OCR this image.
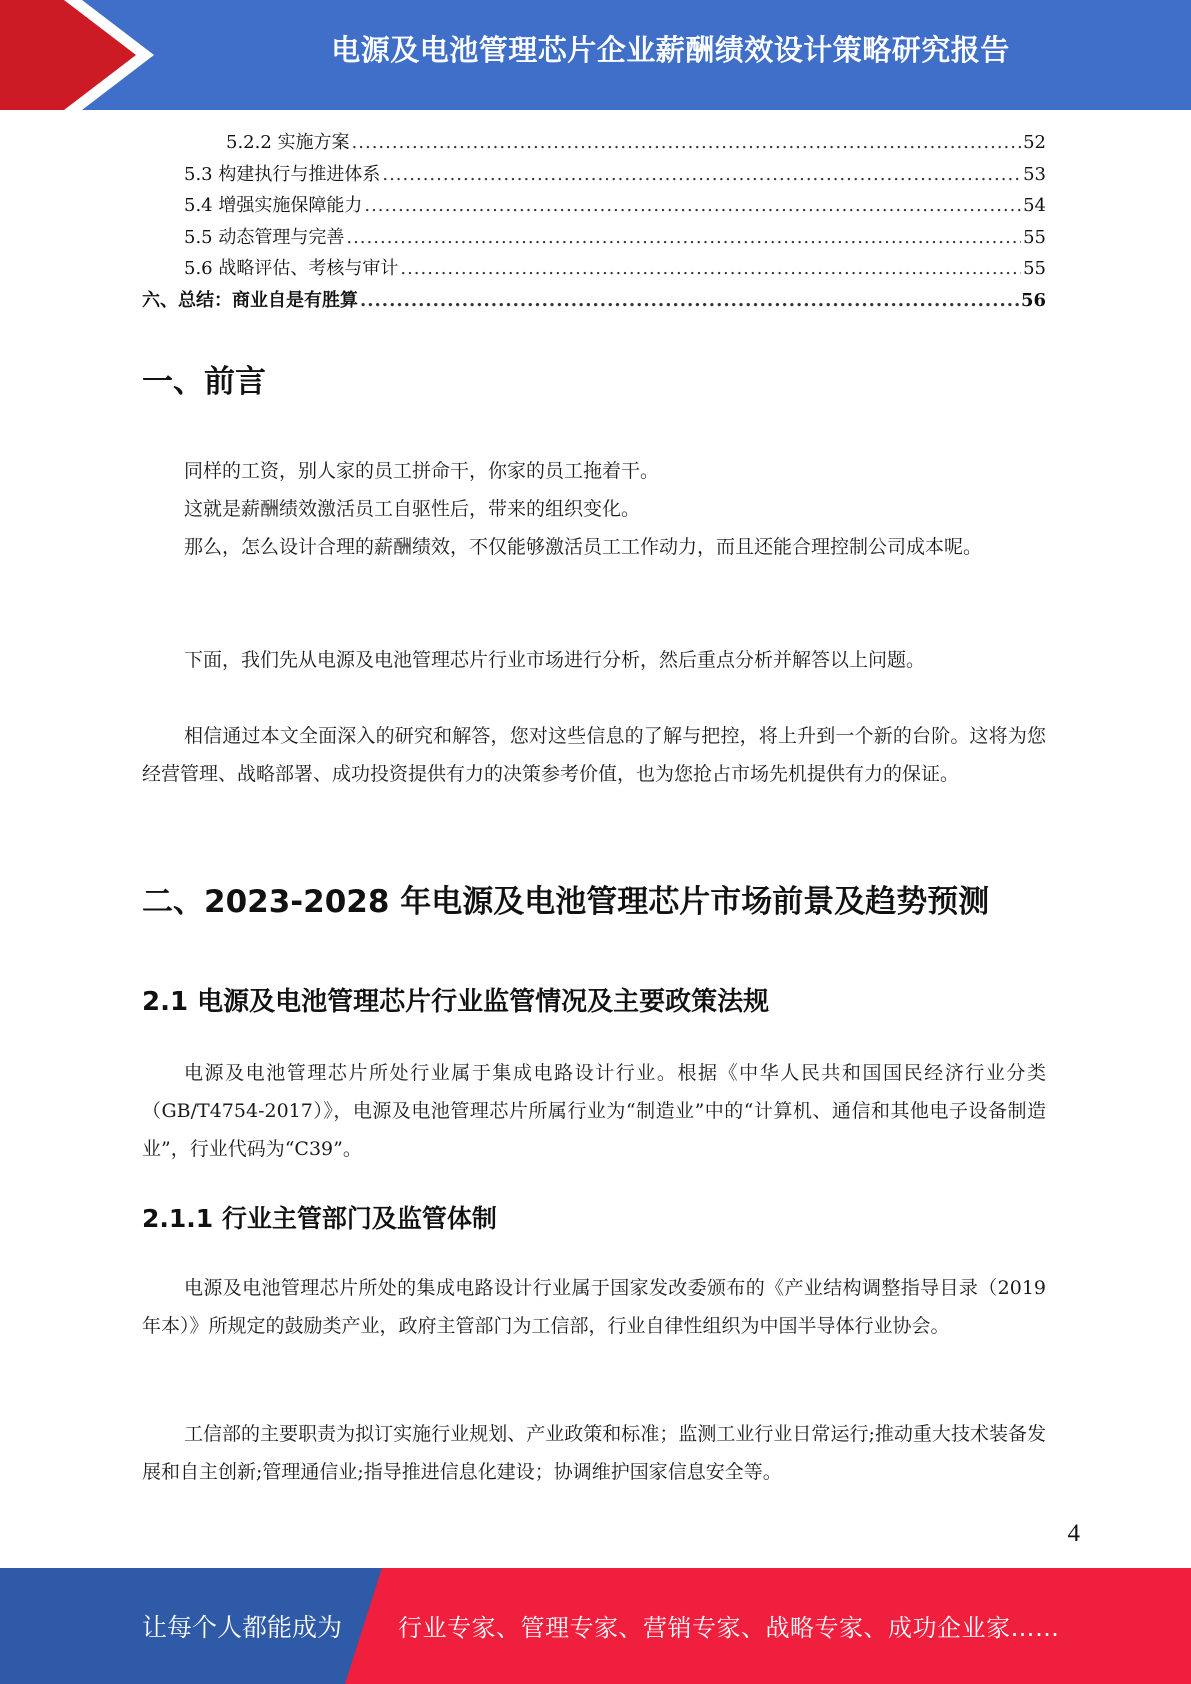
电源及电池管理芯片企业薪酬绩效设计策略研究报告
5.2.2 实施方案 .....	52
5.3 构建执行与推进体系 .....	53
5.4 增强实施保障能力 .....	54
5.5 动态管理与完善 .....	55
5.6 战略评估、考核与审计 .....	55
六、总结：商业自是有胜算 .....	56
一、前言

同样的工资，别人家的员工拼命干，你家的员工拖着干。

这就是薪酬绩效激活员工自驱性后，带来的组织变化。

那么，怎么设计合理的薪酬绩效，不仅能够激活员工工作动力，而且还能合理控制公司成本呢。

下面，我们先从电源及电池管理芯片行业市场进行分析，然后重点分析并解答以上问题。

相信通过本文全面深入的研究和解答，您对这些信息的了解与把控，将上升到一个新的台阶。这将为您经营管理、战略部署、成功投资提供有力的决策参考价值，也为您抢占市场先机提供有力的保证。

二、2023-2028 年电源及电池管理芯片市场前景及趋势预测
2.1 电源及电池管理芯片行业监管情况及主要政策法规

电源及电池管理芯片所处行业属于集成电路设计行业。根据《中华人民共和国国民经济行业分类（GB/T4754-2017）》，电源及电池管理芯片所属行业为“制造业”中的“计算机、通信和其他电子设备制造业”，行业代码为“C39”。

2.1.1 行业主管部门及监管体制

电源及电池管理芯片所处的集成电路设计行业属于国家发改委颁布的《产业结构调整指导目录（2019 年本）》所规定的鼓励类产业，政府主管部门为工信部，行业自律性组织为中国半导体行业协会。

工信部的主要职责为拟订实施行业规划、产业政策和标准；监测工业行业日常运行;推动重大技术装备发展和自主创新;管理通信业;指导推进信息化建设；协调维护国家信息安全等。

4
让每个人都能成为 行业专家、管理专家、营销专家、战略专家、成功企业家……
